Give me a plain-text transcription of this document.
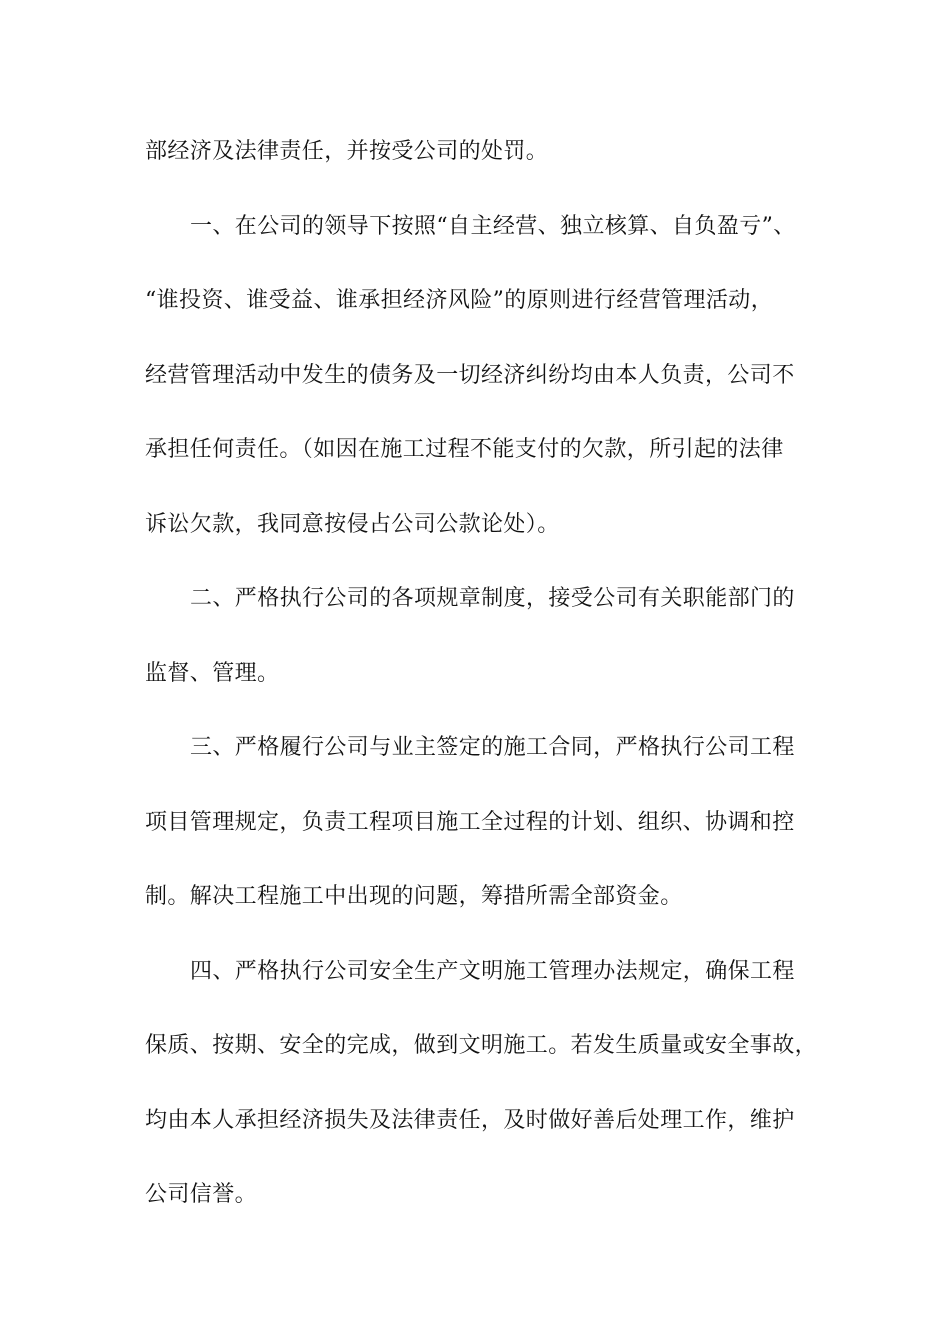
部经济及法律责任，并按受公司的处罚。
一、在公司的领导下按照“自主经营、独立核算、自负盈亏”、
“谁投资、谁受益、谁承担经济风险”的原则进行经营管理活动，
经营管理活动中发生的债务及一切经济纠纷均由本人负责，公司不
承担任何责任。（如因在施工过程不能支付的欠款，所引起的法律
诉讼欠款，我同意按侵占公司公款论处）。
二、严格执行公司的各项规章制度，接受公司有关职能部门的
监督、管理。
三、严格履行公司与业主签定的施工合同，严格执行公司工程
项目管理规定，负责工程项目施工全过程的计划、组织、协调和控
制。解决工程施工中出现的问题，筹措所需全部资金。
四、严格执行公司安全生产文明施工管理办法规定，确保工程
保质、按期、安全的完成，做到文明施工。若发生质量或安全事故，
均由本人承担经济损失及法律责任，及时做好善后处理工作，维护
公司信誉。
